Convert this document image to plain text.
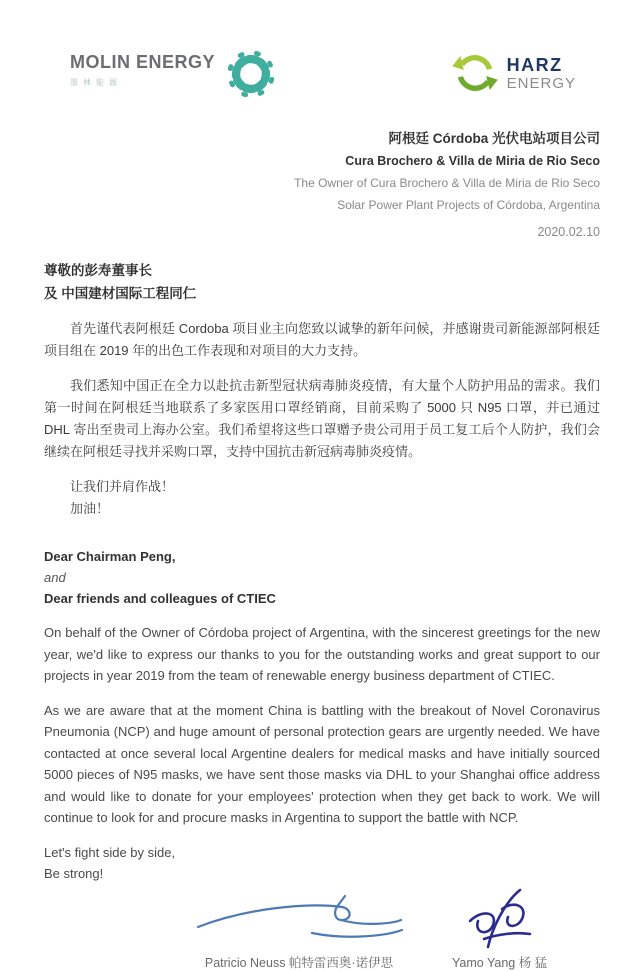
MOLIN ENERGY
墨林能源
HARZ
ENERGY
阿根廷 Córdoba 光伏电站项目公司
Cura Brochero & Villa de Miria de Rio Seco
The Owner of Cura Brochero & Villa de Miria de Rio Seco
Solar Power Plant Projects of Córdoba, Argentina
2020.02.10
尊敬的彭寿董事长
及 中国建材国际工程同仁

首先谨代表阿根廷 Cordoba 项目业主向您致以诚挚的新年问候，并感谢贵司新能源部阿根廷项目组在 2019 年的出色工作表现和对项目的大力支持。

我们悉知中国正在全力以赴抗击新型冠状病毒肺炎疫情，有大量个人防护用品的需求。我们第一时间在阿根廷当地联系了多家医用口罩经销商，目前采购了 5000 只 N95 口罩，并已通过 DHL 寄出至贵司上海办公室。我们希望将这些口罩赠予贵公司用于员工复工后个人防护，我们会继续在阿根廷寻找并采购口罩，支持中国抗击新冠病毒肺炎疫情。

让我们并肩作战！

加油！

Dear Chairman Peng,
and
Dear friends and colleagues of CTIEC

On behalf of the Owner of Córdoba project of Argentina, with the sincerest greetings for the new year, we'd like to express our thanks to you for the outstanding works and great support to our projects in year 2019 from the team of renewable energy business department of CTIEC.

As we are aware that at the moment China is battling with the breakout of Novel Coronavirus Pneumonia (NCP) and huge amount of personal protection gears are urgently needed. We have contacted at once several local Argentine dealers for medical masks and have initially sourced 5000 pieces of N95 masks, we have sent those masks via DHL to your Shanghai office address and would like to donate for your employees' protection when they get back to work. We will continue to look for and procure masks in Argentina to support the battle with NCP.

Let's fight side by side,
Be strong!
Patricio Neuss 帕特雷西奥·诺伊思	Yamo Yang 杨 猛
